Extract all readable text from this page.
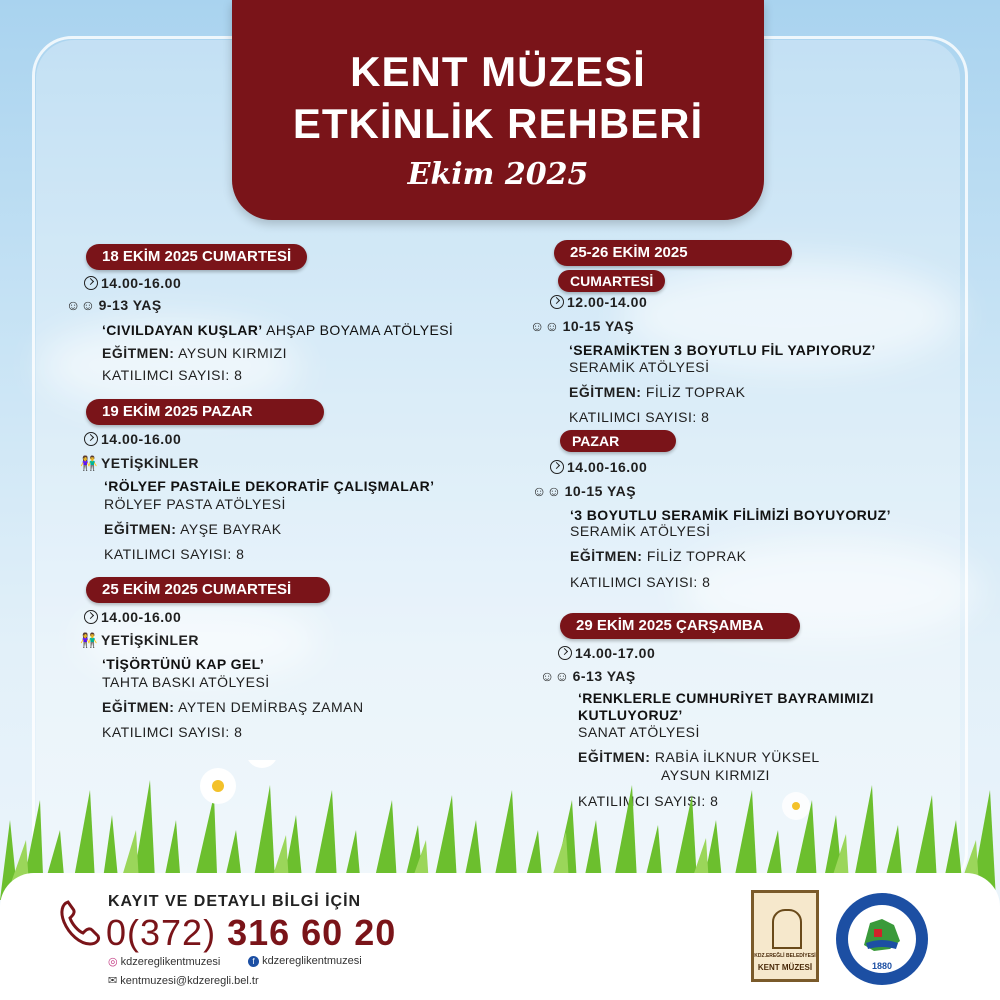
KENT MÜZESİ
ETKİNLİK REHBERİ
Ekim 2025
18 EKİM 2025 CUMARTESİ
14.00-16.00
☺☺ 9-13 YAŞ
‘CIVILDAYAN KUŞLAR’ AHŞAP BOYAMA ATÖLYESİ
EĞİTMEN: AYSUN KIRMIZI
KATILIMCI SAYISI: 8
19 EKİM 2025 PAZAR
14.00-16.00
👫 YETİŞKİNLER
‘RÖLYEF PASTAİLE DEKORATİF ÇALIŞMALAR’
RÖLYEF PASTA ATÖLYESİ
EĞİTMEN: AYŞE BAYRAK
KATILIMCI SAYISI: 8
25 EKİM 2025 CUMARTESİ
14.00-16.00
👫 YETİŞKİNLER
‘TİŞÖRTÜNÜ KAP GEL’
TAHTA BASKI ATÖLYESİ
EĞİTMEN: AYTEN DEMİRBAŞ ZAMAN
KATILIMCI SAYISI: 8
25-26 EKİM 2025
CUMARTESİ
12.00-14.00
☺☺ 10-15 YAŞ
‘SERAMİKTEN 3 BOYUTLU FİL YAPIYORUZ’
SERAMİK ATÖLYESİ
EĞİTMEN: FİLİZ TOPRAK
KATILIMCI SAYISI: 8
PAZAR
14.00-16.00
☺☺ 10-15 YAŞ
‘3 BOYUTLU SERAMİK FİLİMİZİ BOYUYORUZ’
SERAMİK ATÖLYESİ
EĞİTMEN: FİLİZ TOPRAK
KATILIMCI SAYISI: 8
29 EKİM 2025 ÇARŞAMBA
14.00-17.00
☺☺ 6-13 YAŞ
‘RENKLERLE CUMHURİYET BAYRAMIMIZI
KUTLUYORUZ’
SANAT ATÖLYESİ
EĞİTMEN: RABİA İLKNUR YÜKSEL
AYSUN KIRMIZI
KATILIMCI SAYISI: 8
KAYIT VE DETAYLI BİLGİ İÇİN
0(372) 316 60 20
◎ kdzereglikentmuzesi	f kdzereglikentmuzesi
✉ kentmuzesi@kdzeregli.bel.tr
KDZ.EREĞLİ BELEDİYESİ
KENT MÜZESİ	1880
